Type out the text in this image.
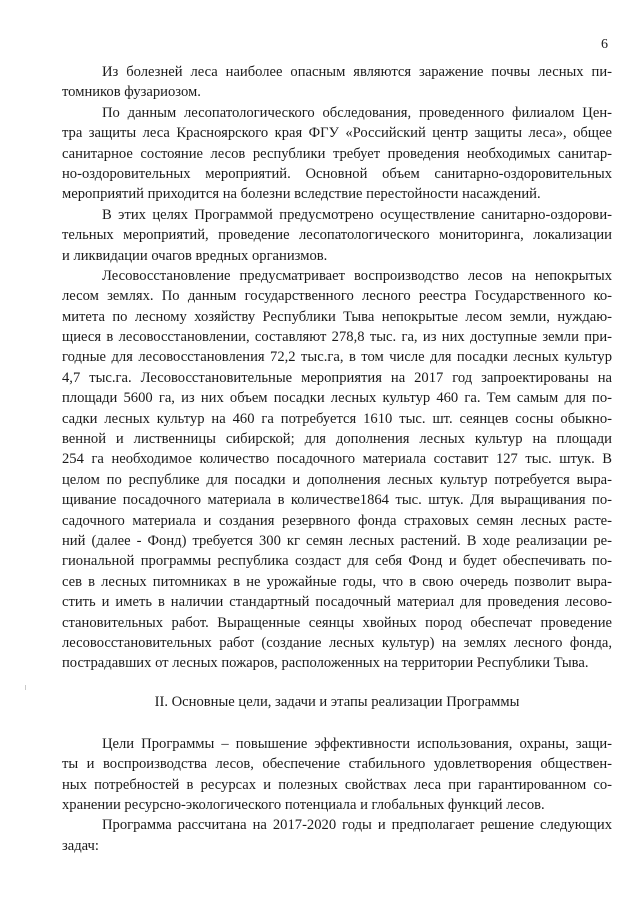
6
Из болезней леса наиболее опасным являются заражение почвы лесных пи-
томников фузариозом.
По данным лесопатологического обследования, проведенного филиалом Цен-
тра защиты леса Красноярского края ФГУ «Российский центр защиты леса», общее
санитарное состояние лесов республики требует проведения необходимых санитар-
но-оздоровительных мероприятий. Основной объем санитарно-оздоровительных
мероприятий приходится на болезни вследствие перестойности насаждений.
В этих целях Программой предусмотрено осуществление санитарно-оздорови-
тельных мероприятий, проведение лесопатологического мониторинга, локализации
и ликвидации очагов вредных организмов.
Лесовосстановление предусматривает воспроизводство лесов на непокрытых
лесом землях. По данным государственного лесного реестра Государственного ко-
митета по лесному хозяйству Республики Тыва непокрытые лесом земли, нуждаю-
щиеся в лесовосстановлении, составляют 278,8 тыс. га, из них доступные земли при-
годные для лесовосстановления 72,2 тыс.га, в том числе для посадки лесных культур
4,7 тыс.га. Лесовосстановительные мероприятия на 2017 год запроектированы на
площади 5600 га, из них объем посадки лесных культур 460 га. Тем самым для по-
садки лесных культур на 460 га потребуется 1610 тыс. шт. сеянцев сосны обыкно-
венной и лиственницы сибирской; для дополнения лесных культур на площади
254 га необходимое количество посадочного материала составит 127 тыс. штук. В
целом по республике для посадки и дополнения лесных культур потребуется выра-
щивание посадочного материала в количестве1864 тыс. штук. Для выращивания по-
садочного материала и создания резервного фонда страховых семян лесных расте-
ний (далее - Фонд) требуется 300 кг семян лесных растений. В ходе реализации ре-
гиональной программы республика создаст для себя Фонд и будет обеспечивать по-
сев в лесных питомниках в не урожайные годы, что в свою очередь позволит выра-
стить и иметь в наличии стандартный посадочный материал для проведения лесово-
становительных работ. Выращенные сеянцы хвойных пород обеспечат проведение
лесовосстановительных работ (создание лесных культур) на землях лесного фонда,
пострадавших от лесных пожаров, расположенных на территории Республики Тыва.
II. Основные цели, задачи и этапы реализации Программы
Цели Программы – повышение эффективности использования, охраны, защи-
ты и воспроизводства лесов, обеспечение стабильного удовлетворения обществен-
ных потребностей в ресурсах и полезных свойствах леса при гарантированном со-
хранении ресурсно-экологического потенциала и глобальных функций лесов.
Программа рассчитана на 2017-2020 годы и предполагает решение следующих
задач:
